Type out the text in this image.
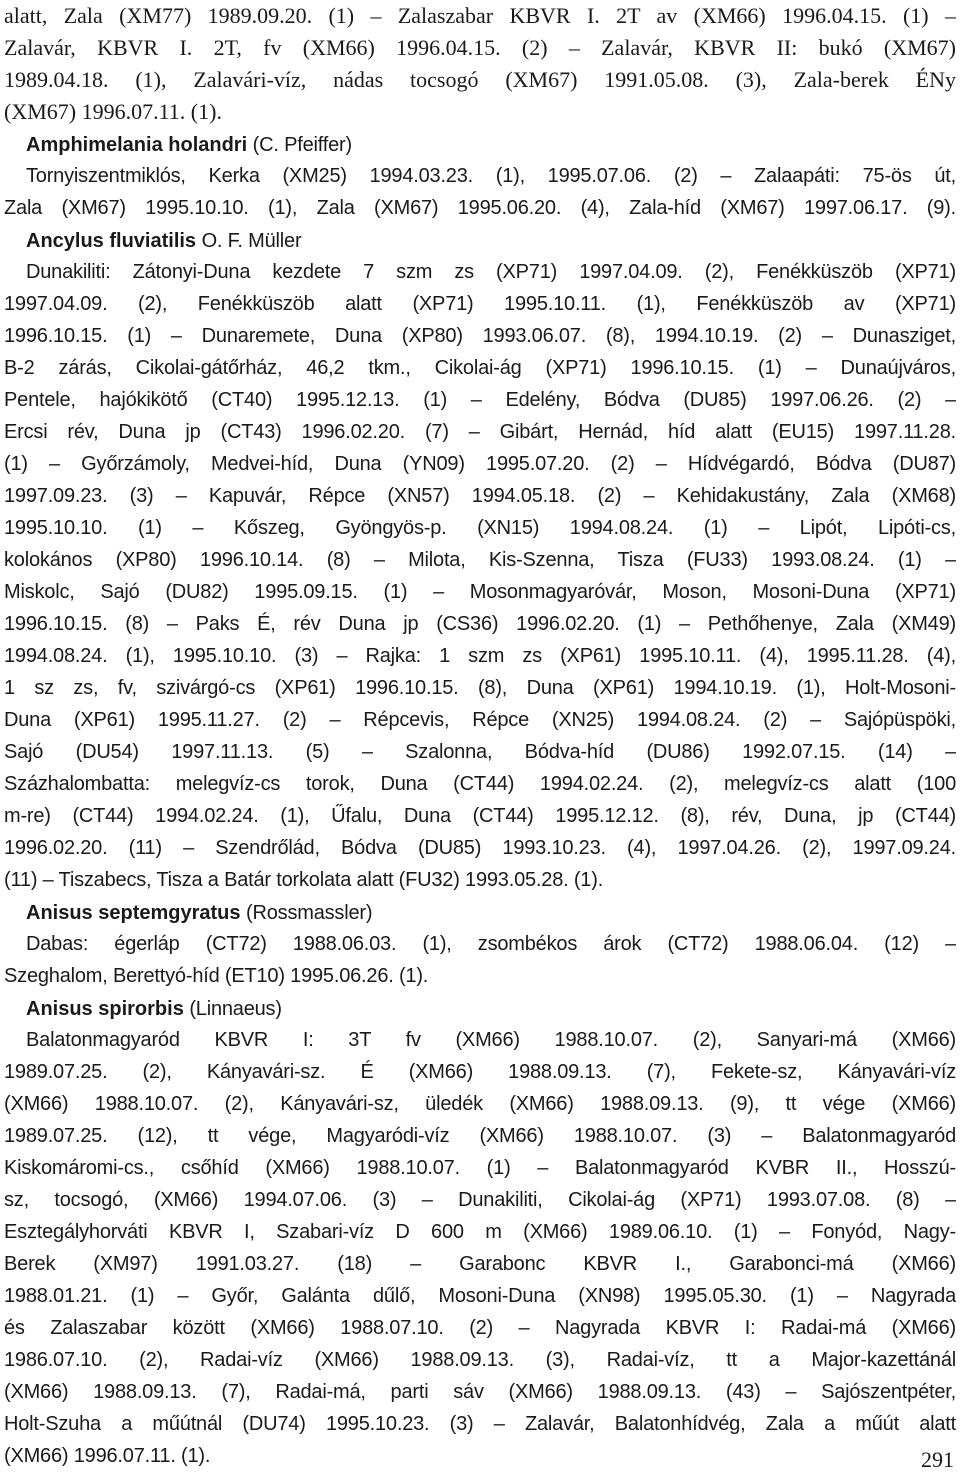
alatt, Zala (XM77) 1989.09.20. (1) – Zalaszabar KBVR I. 2T av (XM66) 1996.04.15. (1) –
Zalavár, KBVR I. 2T, fv (XM66) 1996.04.15. (2) – Zalavár, KBVR II: bukó (XM67)
1989.04.18. (1), Zalavári-víz, nádas tocsogó (XM67) 1991.05.08. (3), Zala-berek ÉNy
(XM67) 1996.07.11. (1).
Amphimelania holandri (C. Pfeiffer)
Tornyiszentmiklós, Kerka (XM25) 1994.03.23. (1), 1995.07.06. (2) – Zalaapáti: 75-ös út,
Zala (XM67) 1995.10.10. (1), Zala (XM67) 1995.06.20. (4), Zala-híd (XM67) 1997.06.17. (9).
Ancylus fluviatilis O. F. Müller
Dunakiliti: Zátonyi-Duna kezdete 7 szm zs (XP71) 1997.04.09. (2), Fenékküszöb (XP71)
1997.04.09. (2), Fenékküszöb alatt (XP71) 1995.10.11. (1), Fenékküszöb av (XP71)
1996.10.15. (1) – Dunaremete, Duna (XP80) 1993.06.07. (8), 1994.10.19. (2) – Dunasziget,
B-2 zárás, Cikolai-gátőrház, 46,2 tkm., Cikolai-ág (XP71) 1996.10.15. (1) – Dunaújváros,
Pentele, hajókikötő (CT40) 1995.12.13. (1) – Edelény, Bódva (DU85) 1997.06.26. (2) –
Ercsi rév, Duna jp (CT43) 1996.02.20. (7) – Gibárt, Hernád, híd alatt (EU15) 1997.11.28.
(1) – Győrzámoly, Medvei-híd, Duna (YN09) 1995.07.20. (2) – Hídvégardó, Bódva (DU87)
1997.09.23. (3) – Kapuvár, Répce (XN57) 1994.05.18. (2) – Kehidakustány, Zala (XM68)
1995.10.10. (1) – Kőszeg, Gyöngyös-p. (XN15) 1994.08.24. (1) – Lipót, Lipóti-cs,
kolokános (XP80) 1996.10.14. (8) – Milota, Kis-Szenna, Tisza (FU33) 1993.08.24. (1) –
Miskolc, Sajó (DU82) 1995.09.15. (1) – Mosonmagyaróvár, Moson, Mosoni-Duna (XP71)
1996.10.15. (8) – Paks É, rév Duna jp (CS36) 1996.02.20. (1) – Pethőhenye, Zala (XM49)
1994.08.24. (1), 1995.10.10. (3) – Rajka: 1 szm zs (XP61) 1995.10.11. (4), 1995.11.28. (4),
1 sz zs, fv, szivárgó-cs (XP61) 1996.10.15. (8), Duna (XP61) 1994.10.19. (1), Holt-Mosoni-
Duna (XP61) 1995.11.27. (2) – Répcevis, Répce (XN25) 1994.08.24. (2) – Sajópüspöki,
Sajó (DU54) 1997.11.13. (5) – Szalonna, Bódva-híd (DU86) 1992.07.15. (14) –
Százhalombatta: melegvíz-cs torok, Duna (CT44) 1994.02.24. (2), melegvíz-cs alatt (100
m-re) (CT44) 1994.02.24. (1), Űfalu, Duna (CT44) 1995.12.12. (8), rév, Duna, jp (CT44)
1996.02.20. (11) – Szendrőlád, Bódva (DU85) 1993.10.23. (4), 1997.04.26. (2), 1997.09.24.
(11) – Tiszabecs, Tisza a Batár torkolata alatt (FU32) 1993.05.28. (1).
Anisus septemgyratus (Rossmassler)
Dabas: égerláp (CT72) 1988.06.03. (1), zsombékos árok (CT72) 1988.06.04. (12) –
Szeghalom, Berettyó-híd (ET10) 1995.06.26. (1).
Anisus spirorbis (Linnaeus)
Balatonmagyaród KBVR I: 3T fv (XM66) 1988.10.07. (2), Sanyari-má (XM66)
1989.07.25. (2), Kányavári-sz. É (XM66) 1988.09.13. (7), Fekete-sz, Kányavári-víz
(XM66) 1988.10.07. (2), Kányavári-sz, üledék (XM66) 1988.09.13. (9), tt vége (XM66)
1989.07.25. (12), tt vége, Magyaródi-víz (XM66) 1988.10.07. (3) – Balatonmagyaród
Kiskomáromi-cs., csőhíd (XM66) 1988.10.07. (1) – Balatonmagyaród KVBR II., Hosszú-
sz, tocsogó, (XM66) 1994.07.06. (3) – Dunakiliti, Cikolai-ág (XP71) 1993.07.08. (8) –
Esztegályhorváti KBVR I, Szabari-víz D 600 m (XM66) 1989.06.10. (1) – Fonyód, Nagy-
Berek (XM97) 1991.03.27. (18) – Garabonc KBVR I., Garabonci-má (XM66)
1988.01.21. (1) – Győr, Galánta dűlő, Mosoni-Duna (XN98) 1995.05.30. (1) – Nagyrada
és Zalaszabar között (XM66) 1988.07.10. (2) – Nagyrada KBVR I: Radai-má (XM66)
1986.07.10. (2), Radai-víz (XM66) 1988.09.13. (3), Radai-víz, tt a Major-kazettánál
(XM66) 1988.09.13. (7), Radai-má, parti sáv (XM66) 1988.09.13. (43) – Sajószentpéter,
Holt-Szuha a műútnál (DU74) 1995.10.23. (3) – Zalavár, Balatonhídvég, Zala a műút alatt
(XM66) 1996.07.11. (1).	291
